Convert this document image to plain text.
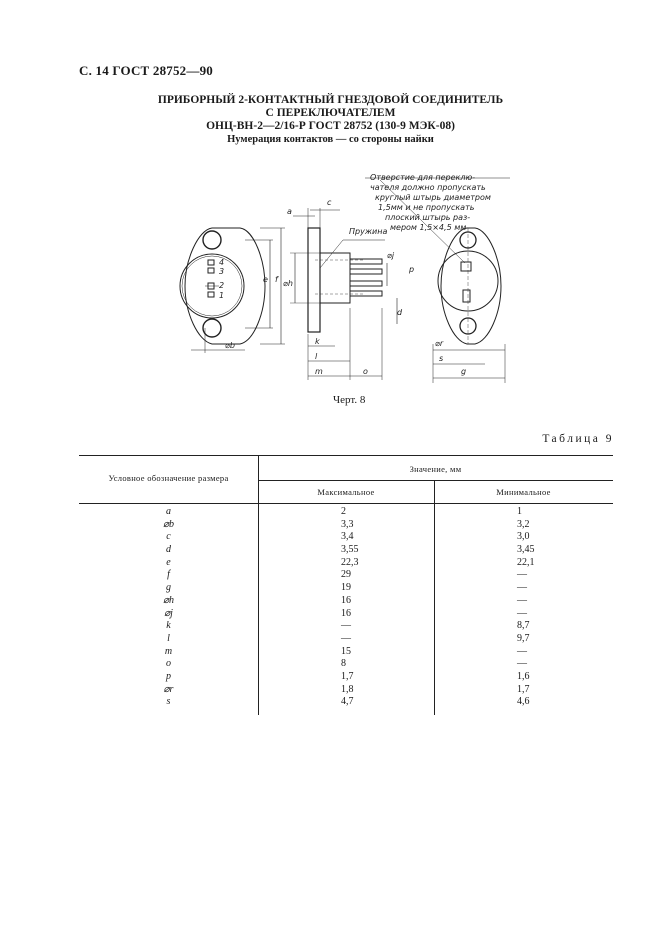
С. 14 ГОСТ 28752—90
ПРИБОРНЫЙ 2-КОНТАКТНЫЙ ГНЕЗДОВОЙ СОЕДИНИТЕЛЬ
С ПЕРЕКЛЮЧАТЕЛЕМ
ОНЦ-ВН-2—2/16-Р ГОСТ 28752 (130-9 МЭК-08)
Нумерация контактов — со стороны найки
Отверстие для переклю-
чателя должно пропускать
круглый штырь диаметром
1,5мм и не пропускать
плоский штырь раз-
мером 1,5×4,5 мм
Пружина
4
3
2
1
a
c
e f
⌀b
⌀h
⌀j
k
l
m	o
p
d
⌀r
s
g
Черт. 8
Таблица 9
Условное обозначение размера
Значение, мм
Максимальное	Минимальное
a	2	1
⌀b	3,3	3,2
c	3,4	3,0
d	3,55	3,45
e	22,3	22,1
f	29	—
g	19	—
⌀h	16	—
⌀j	16	—
k	—	8,7
l	—	9,7
m	15	—
o	8	—
p	1,7	1,6
⌀r	1,8	1,7
s	4,7	4,6
